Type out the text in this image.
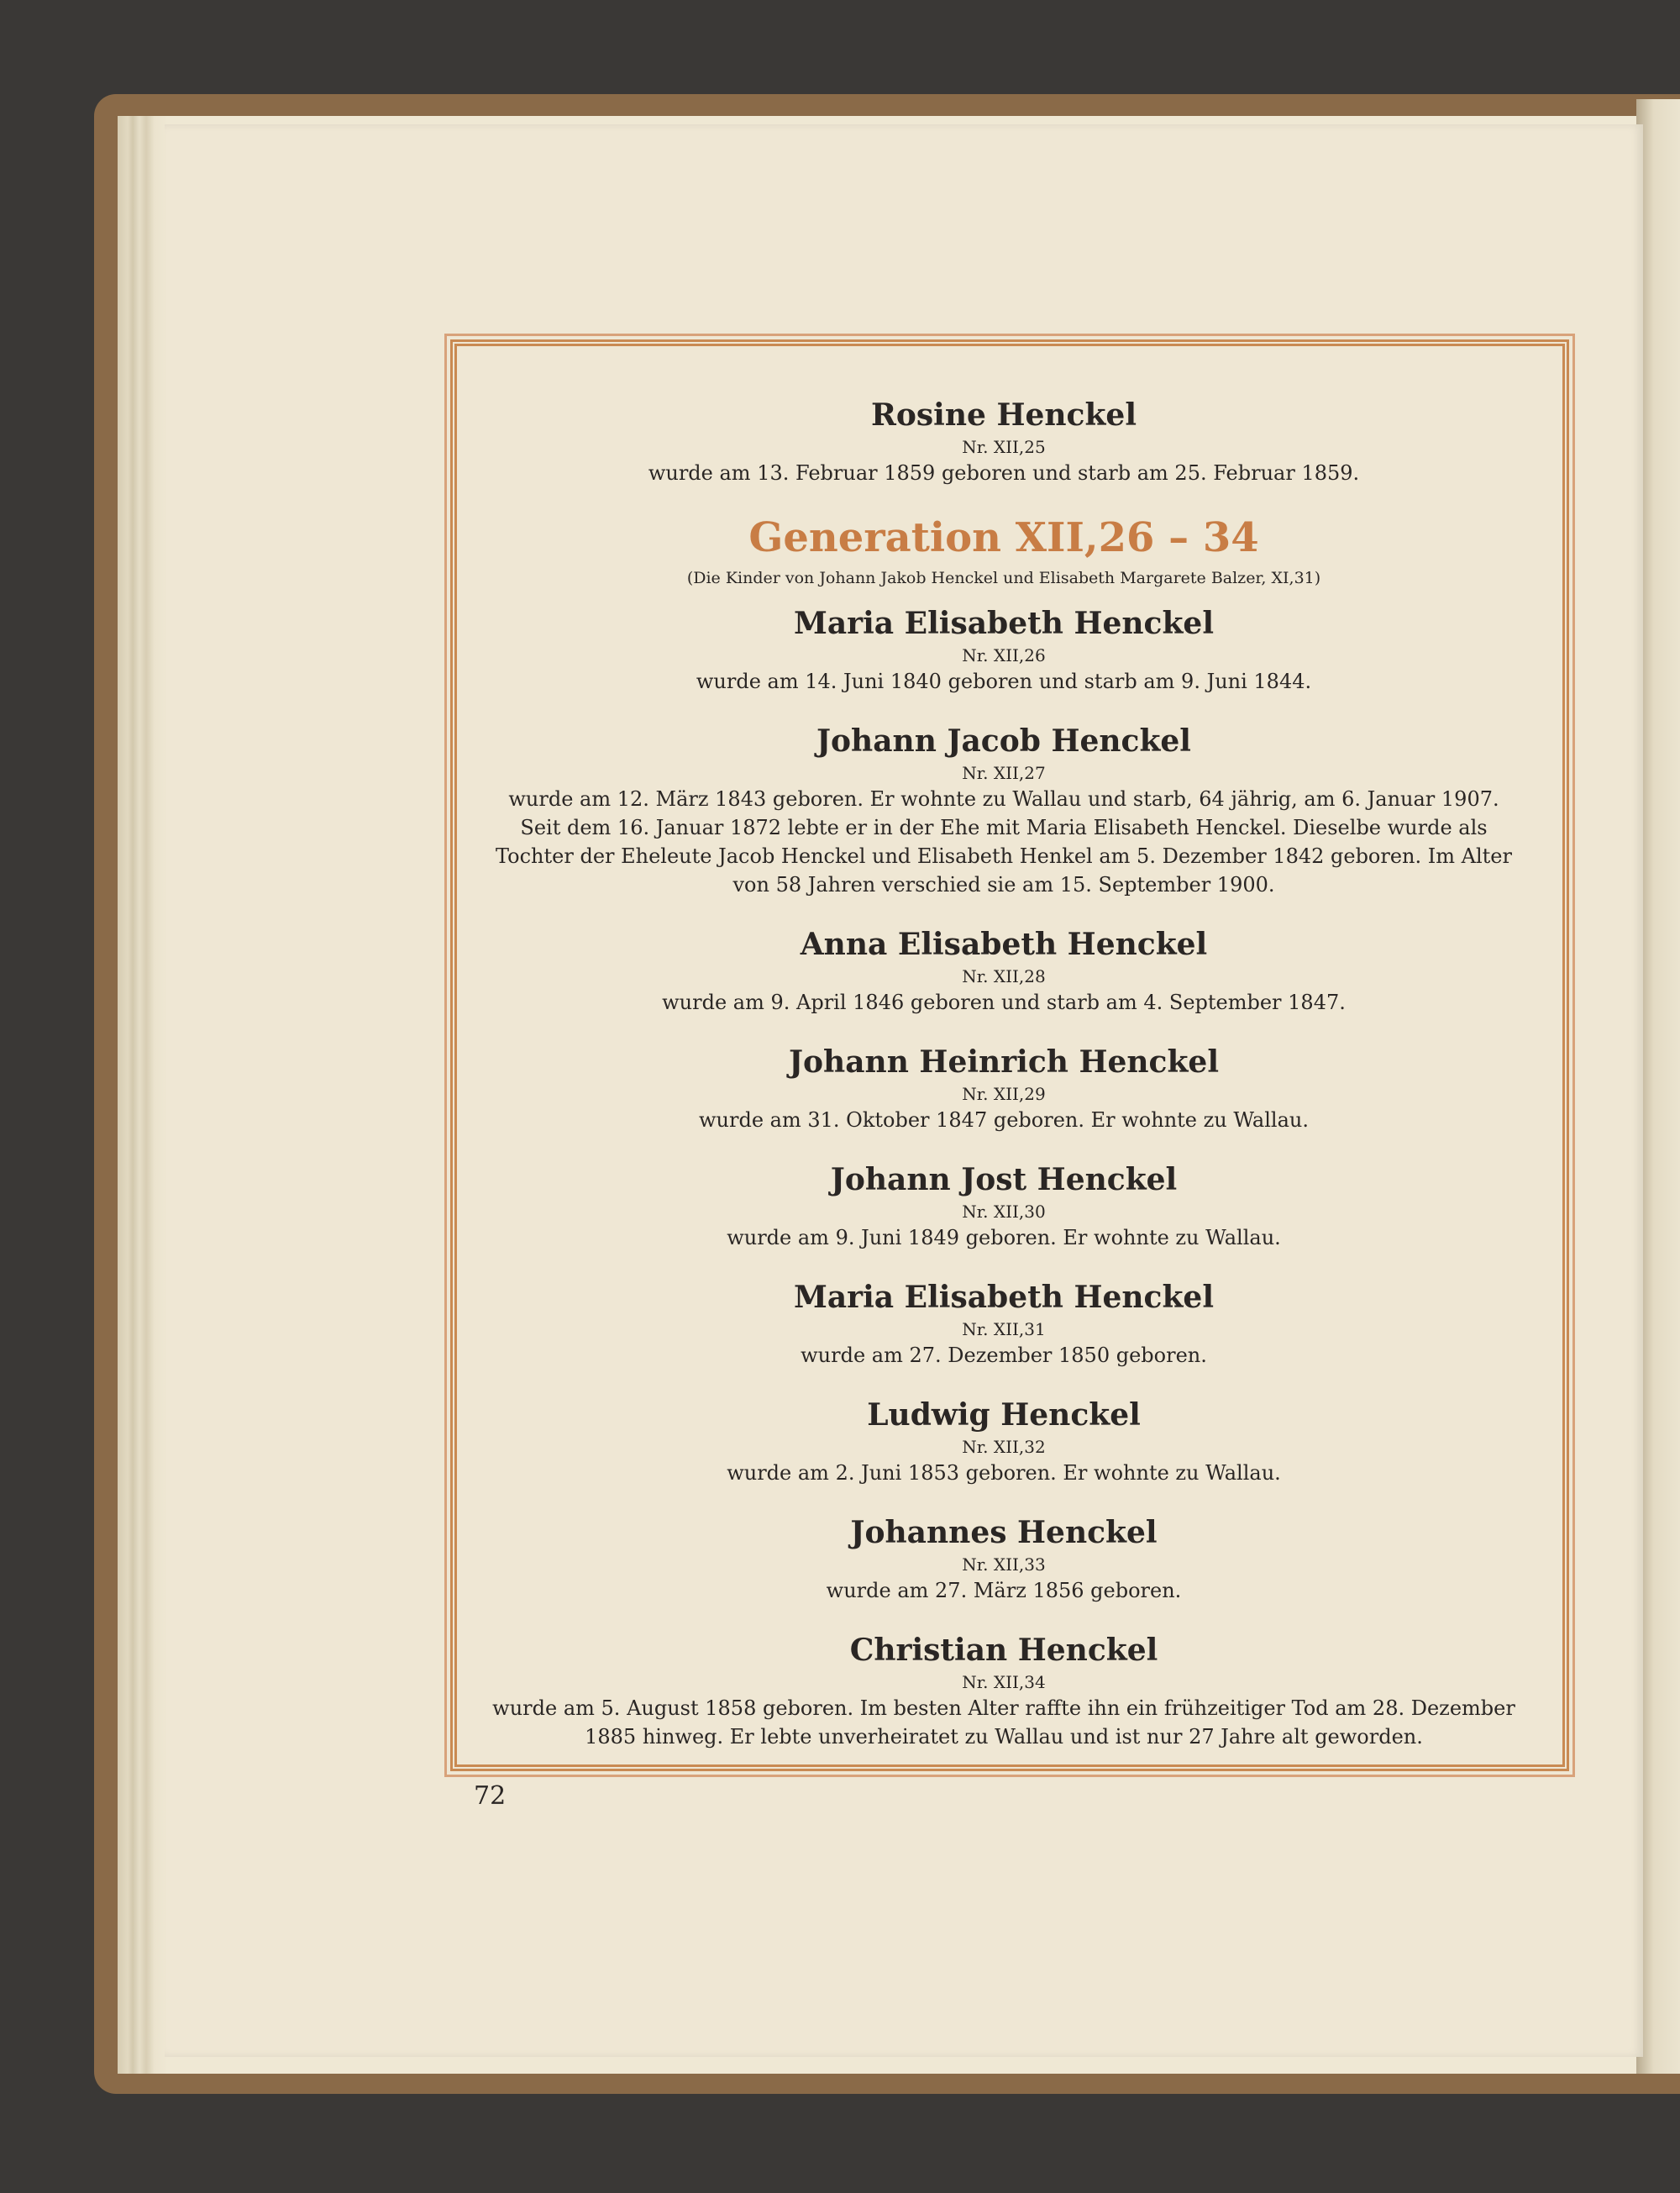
Rosine Henckel

Nr. XII,25

wurde am 13. Februar 1859 geboren und starb am 25. Februar 1859.

Generation XII,26 – 34

(Die Kinder von Johann Jakob Henckel und Elisabeth Margarete Balzer, XI,31)

Maria Elisabeth Henckel

Nr. XII,26

wurde am 14. Juni 1840 geboren und starb am 9. Juni 1844.

Johann Jacob Henckel

Nr. XII,27

wurde am 12. März 1843 geboren. Er wohnte zu Wallau und starb, 64 jährig, am 6. Januar 1907. Seit dem 16. Januar 1872 lebte er in der Ehe mit Maria Elisabeth Henckel. Dieselbe wurde als Tochter der Eheleute Jacob Henckel und Elisabeth Henkel am 5. Dezember 1842 geboren. Im Alter von 58 Jahren verschied sie am 15. September 1900.

Anna Elisabeth Henckel

Nr. XII,28

wurde am 9. April 1846 geboren und starb am 4. September 1847.

Johann Heinrich Henckel

Nr. XII,29

wurde am 31. Oktober 1847 geboren. Er wohnte zu Wallau.

Johann Jost Henckel

Nr. XII,30

wurde am 9. Juni 1849 geboren. Er wohnte zu Wallau.

Maria Elisabeth Henckel

Nr. XII,31

wurde am 27. Dezember 1850 geboren.

Ludwig Henckel

Nr. XII,32

wurde am 2. Juni 1853 geboren. Er wohnte zu Wallau.

Johannes Henckel

Nr. XII,33

wurde am 27. März 1856 geboren.

Christian Henckel

Nr. XII,34

wurde am 5. August 1858 geboren. Im besten Alter raffte ihn ein frühzeitiger Tod am 28. Dezember 1885 hinweg. Er lebte unverheiratet zu Wallau und ist nur 27 Jahre alt geworden.

72
